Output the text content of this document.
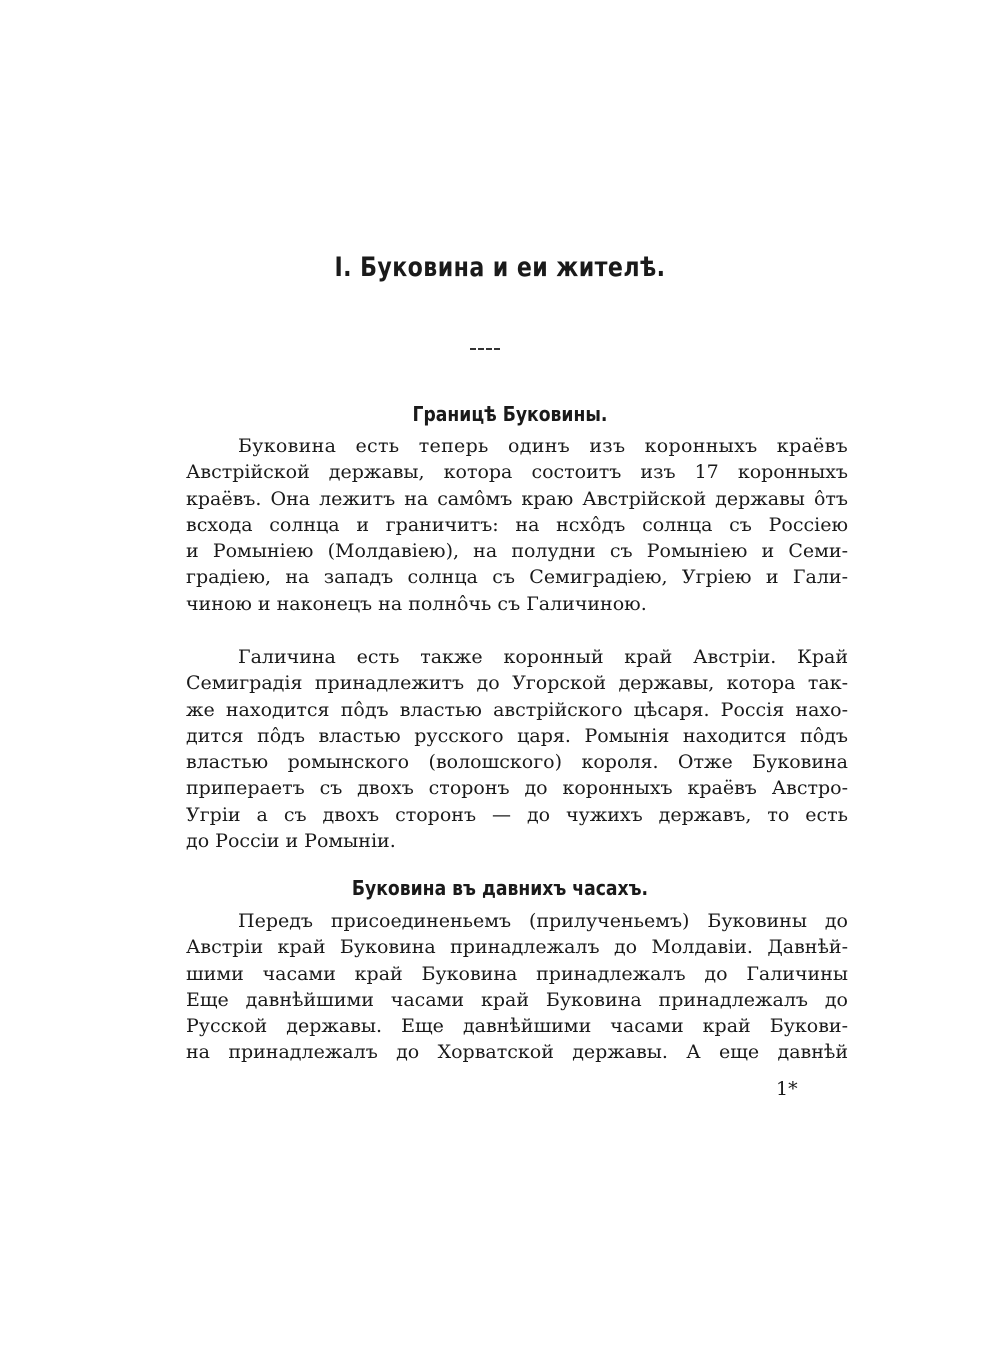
I. Буковина и еи жителѣ.
Границѣ Буковины.

Буковина есть теперь одинъ изъ коронныхъ краёвъ
Австрійской державы, котора состоитъ изъ 17 коронныхъ
краёвъ. Она лежитъ на самôмъ краю Австрійской державы ôтъ
всхода солнца и граничитъ: на нсхôдъ солнца съ Россіею
и Ромыніею (Молдавіею), на полудни съ Ромыніею и Семи-
градіею, на западъ солнца съ Семиградіею, Угріею и Гали-
чиною и наконецъ на полнôчь съ Галичиною.

Галичина есть также коронный край Австріи. Край
Семиградія принадлежитъ до Угорской державы, котора так-
же находится пôдъ властью австрійского цѣсаря. Россія нахо-
дится пôдъ властью русского царя. Ромынія находится пôдъ
властью ромынского (волошского) короля. Отже Буковина
припераетъ съ двохъ сторонъ до коронныхъ краёвъ Австро-
Угріи а съ двохъ сторонъ — до чужихъ державъ, то есть
до Россіи и Ромыніи.

Буковина въ давнихъ часахъ.

Передъ присоединеньемъ (прилученьемъ) Буковины до
Австріи край Буковина принадлежалъ до Молдавіи. Давнѣй-
шими часами край Буковина принадлежалъ до Галичины
Еще давнѣйшими часами край Буковина принадлежалъ до
Русской державы. Еще давнѣйшими часами край Букови-
на принадлежалъ до Хорватской державы. А еще давнѣй

1*
